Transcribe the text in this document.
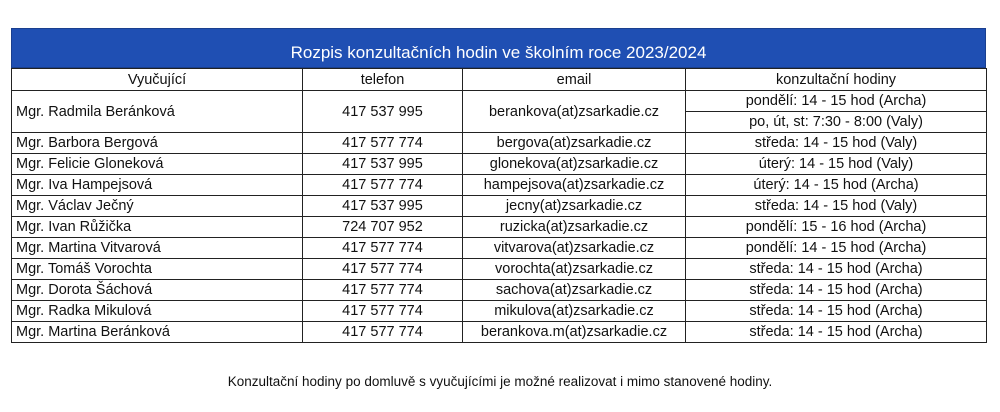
Rozpis konzultačních hodin ve školním roce 2023/2024
Vyučující	telefon	email	konzultační hodiny
Mgr. Radmila Beránková	417 537 995	berankova(at)zsarkadie.cz	pondělí: 14 - 15 hod (Archa)
			po, út, st: 7:30 - 8:00 (Valy)
Mgr. Barbora Bergová	417 577 774	bergova(at)zsarkadie.cz	středa: 14 - 15 hod (Valy)
Mgr. Felicie Gloneková	417 537 995	glonekova(at)zsarkadie.cz	úterý: 14 - 15 hod (Valy)
Mgr. Iva Hampejsová	417 577 774	hampejsova(at)zsarkadie.cz	úterý: 14 - 15 hod (Archa)
Mgr. Václav Ječný	417 537 995	jecny(at)zsarkadie.cz	středa: 14 - 15 hod (Valy)
Mgr. Ivan Růžička	724 707 952	ruzicka(at)zsarkadie.cz	pondělí: 15 - 16 hod (Archa)
Mgr. Martina Vitvarová	417 577 774	vitvarova(at)zsarkadie.cz	pondělí: 14 - 15 hod (Archa)
Mgr. Tomáš Vorochta	417 577 774	vorochta(at)zsarkadie.cz	středa: 14 - 15 hod (Archa)
Mgr. Dorota Šáchová	417 577 774	sachova(at)zsarkadie.cz	středa: 14 - 15 hod (Archa)
Mgr. Radka Mikulová	417 577 774	mikulova(at)zsarkadie.cz	středa: 14 - 15 hod (Archa)
Mgr. Martina Beránková	417 577 774	berankova.m(at)zsarkadie.cz	středa: 14 - 15 hod (Archa)
Konzultační hodiny po domluvě s vyučujícími je možné realizovat i mimo stanovené hodiny.
